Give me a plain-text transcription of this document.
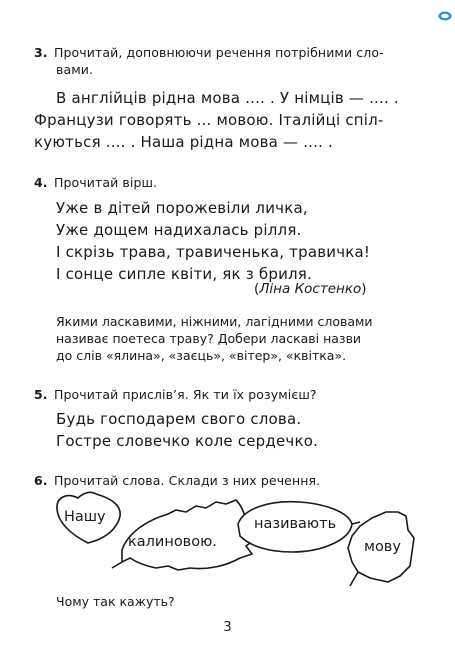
3. Прочитай, доповнюючи речення потрібними сло-
вами.
В англійців рідна мова .... . У німців — .... .
Французи говорять ... мовою. Італійці спіл-
куються .... . Наша рідна мова — .... .
4. Прочитай вірш.
Уже в дітей порожевіли личка,
Уже дощем надихалась рілля.
І скрізь трава, травиченька, травичка!
І сонце сипле квіти, як з бриля.
(Ліна Костенко)
Якими ласкавими, ніжними, лагідними словами
називає поетеса траву? Добери ласкаві назви
до слів «ялина», «заєць», «вітер», «квітка».
5. Прочитай прислів’я. Як ти їх розумієш?
Будь господарем свого слова.
Гостре словечко коле сердечко.
6. Прочитай слова. Склади з них речення.
Нашу
калиновою.
називають
мову
Чому так кажуть?
3
